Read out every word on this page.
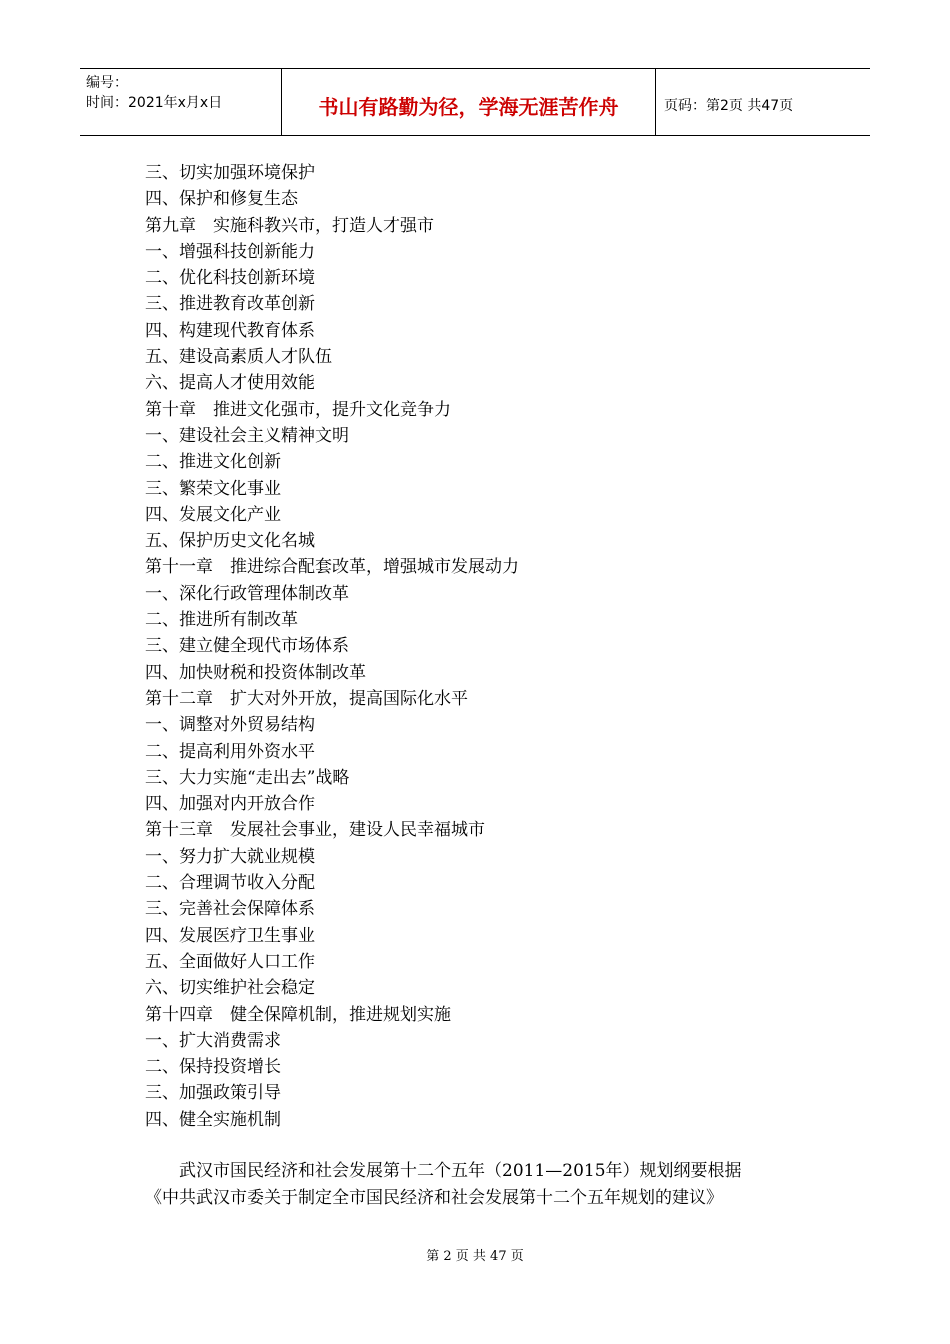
编号：
时间：2021年x月x日	书山有路勤为径，学海无涯苦作舟	页码：第2页 共47页
三、切实加强环境保护
四、保护和修复生态
第九章　实施科教兴市，打造人才强市
一、增强科技创新能力
二、优化科技创新环境
三、推进教育改革创新
四、构建现代教育体系
五、建设高素质人才队伍
六、提高人才使用效能
第十章　推进文化强市，提升文化竞争力
一、建设社会主义精神文明
二、推进文化创新
三、繁荣文化事业
四、发展文化产业
五、保护历史文化名城
第十一章　推进综合配套改革，增强城市发展动力
一、深化行政管理体制改革
二、推进所有制改革
三、建立健全现代市场体系
四、加快财税和投资体制改革
第十二章　扩大对外开放，提高国际化水平
一、调整对外贸易结构
二、提高利用外资水平
三、大力实施“走出去”战略
四、加强对内开放合作
第十三章　发展社会事业，建设人民幸福城市
一、努力扩大就业规模
二、合理调节收入分配
三、完善社会保障体系
四、发展医疗卫生事业
五、全面做好人口工作
六、切实维护社会稳定
第十四章　健全保障机制，推进规划实施
一、扩大消费需求
二、保持投资增长
三、加强政策引导
四、健全实施机制
武汉市国民经济和社会发展第十二个五年（2011—2015年）规划纲要根据
《中共武汉市委关于制定全市国民经济和社会发展第十二个五年规划的建议》
第 2 页 共 47 页
